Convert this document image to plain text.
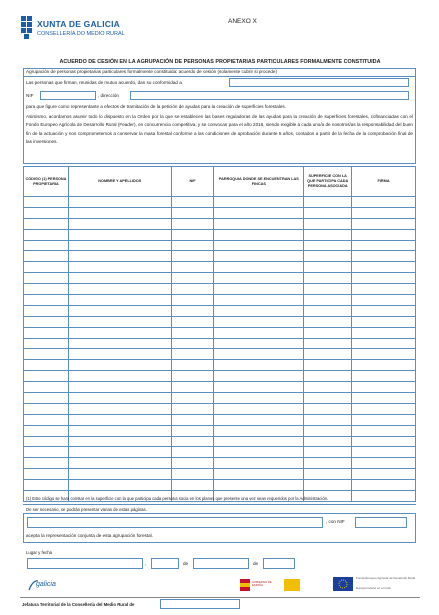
XUNTA DE GALICIA
CONSELLERÍA DO MEDIO RURAL
ANEXO X
ACUERDO DE CESIÓN EN LA AGRUPACIÓN DE PERSONAS PROPIETARIAS PARTICULARES FORMALMENTE CONSTITUIDA
Agrupación de personas propietarias particulares formalmente constituida: acuerdo de cesión (solamente cubrir si procede)
Las personas que firman, reunidas de mutuo acuerdo, dan su conformidad a
NIF	, dirección
para que figure como representante a efectos de tramitación de la petición de ayudas para la creación de superficies forestales.
Asimismo, acordamos asumir todo lo dispuesto en la Orden por la que se establecen las bases reguladoras de las ayudas para la creación de superficies forestales, cofinanciadas con el Fondo Europeo Agrícola de Desarrollo Rural (Feader), en concurrencia competitiva, y se convocan para el año 2018, siendo exigible a cada uno/a de nosotros/as la responsabilidad del buen fin de la actuación y nos comprometemos a conservar la masa forestal conforme a las condiciones de aprobación durante 5 años, contados a partir de la fecha de la comprobación final de las inversiones.
CÓDIGO (1) PERSONA PROPIETARIA	NOMBRE Y APELLIDOS	NIF	PARROQUIA DONDE SE ENCUENTRAN LAS FINCAS	SUPERFICIE CON LA QUE PARTICIPA CADA PERSONA ASOCIADA	FIRMA

(1) Este código se hará constar en la superficie con la que participa cada persona socia en los planos que presente una vez sean requeridos por la Administración.
De ser necesario, se podrán presentar varias de estas páginas.
, con NIF
acepta la representación conjunta de esta agrupación forestal.
Lugar y fecha
,	de	de
galicia	GOBIERNO DE ESPAÑA
Fondo Europeo Agrícola de Desarrollo Rural
Europa invierte en el rural
Jefatura Territorial de la Consellería del Medio Rural de
